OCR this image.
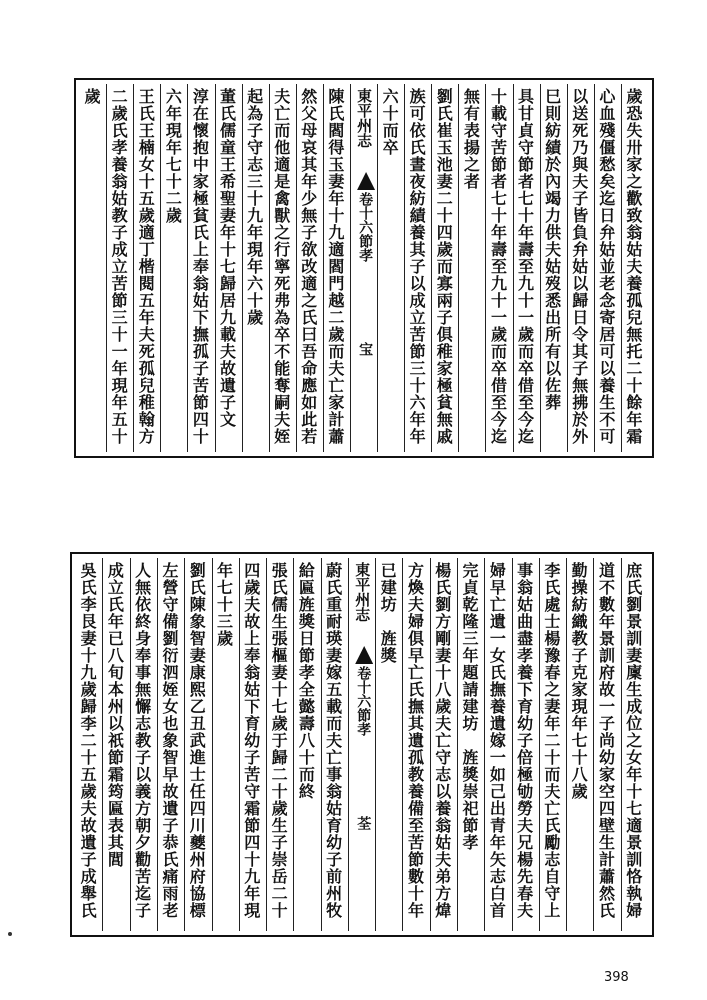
歲恐失卅家之歡致翁姑夫養孤兒無托二十餘年霜
心血殘僵愁矣迄日弁姑並老念寄居可以養生不可
以送死乃與夫子皆負弁姑以歸日令其子無拂於外
巳則紡績於內竭力供夫姑歿悉出所有以佐葬
具甘貞守節者七十年壽至九十一歲而卒借至今迄
十載守苦節者七十年壽至九十一歲而卒借至今迄
無有表揚之者
劉氏崔玉池妻二十四歲而寡兩子俱稚家極貧無戚
族可依氏晝夜紡績養其子以成立苦節三十六年年
六十而卒
東平州志
卷十六節孝
宝
陳氏閻得玉妻年十九適閻門越二歲而夫亡家計蕭
然父母哀其年少無子欲改適之氏曰吾命應如此若
夫亡而他適是禽獸之行寧死弗為卒不能奪嗣夫姪
起為子守志三十九年現年六十歲
董氏儒童王希聖妻年十七歸居九載夫故遺子文
淳在懷抱中家極貧氏上奉翁姑下撫孤子苦節四十
六年現年七十二歲
王氏王楠女十五歲適丁楷閱五年夫死孤兒稚翰方
二歲氏孝養翁姑教子成立苦節三十一年現年五十
歲
庶氏劉景訓妻廩生成位之女年十七適景訓恪執婦
道不數年景訓府故一子尚幼家空四壁生計蕭然氏
勤操紡織教子克家現年七十八歲
李氏處士楊豫春之妻年二十而夫亡氏勵志自守上
事翁姑曲盡孝養下育幼子倍極劬勞夫兄楊先春夫
婦早亡遺一女氏撫養遺嫁一如己出青年矢志白首
完貞乾隆三年題請建坊　旌獎崇祀節孝
楊氏劉方剛妻十八歲夫亡守志以養翁姑夫弟方煒
方煥夫婦俱早亡氏撫其遺孤教養備至苦節數十年
已建坊　旌獎
東平州志
卷十六節孝
荃
蔚氏重耐瑛妻嫁五載而夫亡事翁姑育幼子前州牧
給匾旌獎日節孝全懿壽八十而終
張氏儒生張樞妻十七歲于歸二十歲生子崇岳二十
四歲夫故上奉翁姑下育幼子苦守霜節四十九年現
年七十三歲
劉氏陳象智妻康熙乙丑武進士任四川夔州府協標
左營守備劉衍泗姪女也象智早故遺子恭氏痛雨老
人無依終身奉事無懈志教子以義方朝夕勸苦迄子
成立氏年已八旬本州以祇節霜筠匾表其閭
吳氏李艮妻十九歲歸李二十五歲夫故遺子成舉氏
398
